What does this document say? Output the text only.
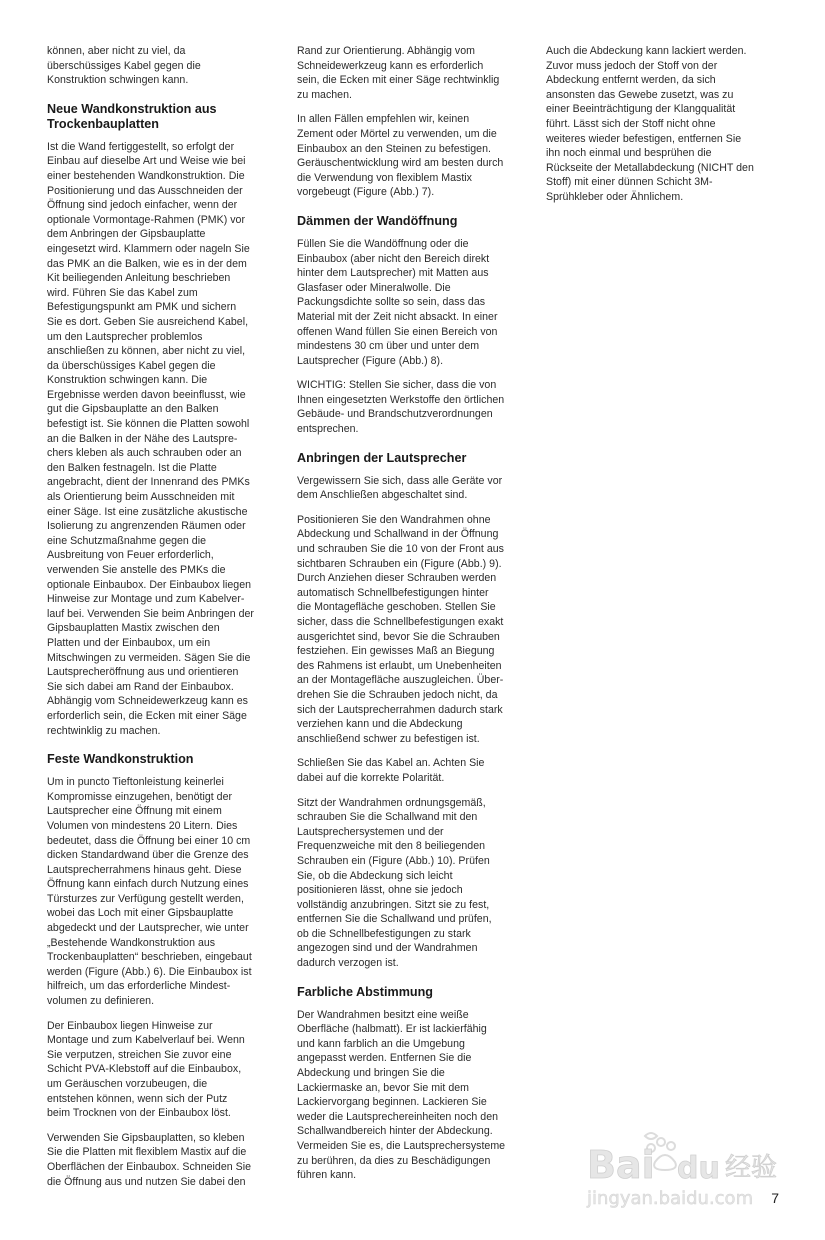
können, aber nicht zu viel, da
überschüssiges Kabel gegen die
Konstruktion schwingen kann.

Neue Wandkonstruktion aus
Trockenbauplatten

Ist die Wand fertiggestellt, so erfolgt der
Einbau auf dieselbe Art und Weise wie bei
einer bestehenden Wandkonstruktion. Die
Positionierung und das Ausschneiden der
Öffnung sind jedoch einfacher, wenn der
optionale Vormontage-Rahmen (PMK) vor
dem Anbringen der Gipsbauplatte
eingesetzt wird. Klammern oder nageln Sie
das PMK an die Balken, wie es in der dem
Kit beiliegenden Anleitung beschrieben
wird. Führen Sie das Kabel zum
Befestigungspunkt am PMK und sichern
Sie es dort. Geben Sie ausreichend Kabel,
um den Lautsprecher problemlos
anschließen zu können, aber nicht zu viel,
da überschüssiges Kabel gegen die
Konstruktion schwingen kann. Die
Ergebnisse werden davon beeinflusst, wie
gut die Gipsbauplatte an den Balken
befestigt ist. Sie können die Platten sowohl
an die Balken in der Nähe des Lautspre-
chers kleben als auch schrauben oder an
den Balken festnageln. Ist die Platte
angebracht, dient der Innenrand des PMKs
als Orientierung beim Ausschneiden mit
einer Säge. Ist eine zusätzliche akustische
Isolierung zu angrenzenden Räumen oder
eine Schutzmaßnahme gegen die
Ausbreitung von Feuer erforderlich,
verwenden Sie anstelle des PMKs die
optionale Einbaubox. Der Einbaubox liegen
Hinweise zur Montage und zum Kabelver-
lauf bei. Verwenden Sie beim Anbringen der
Gipsbauplatten Mastix zwischen den
Platten und der Einbaubox, um ein
Mitschwingen zu vermeiden. Sägen Sie die
Lautsprecheröffnung aus und orientieren
Sie sich dabei am Rand der Einbaubox.
Abhängig vom Schneidewerkzeug kann es
erforderlich sein, die Ecken mit einer Säge
rechtwinklig zu machen.

Feste Wandkonstruktion

Um in puncto Tieftonleistung keinerlei
Kompromisse einzugehen, benötigt der
Lautsprecher eine Öffnung mit einem
Volumen von mindestens 20 Litern. Dies
bedeutet, dass die Öffnung bei einer 10 cm
dicken Standardwand über die Grenze des
Lautsprecherrahmens hinaus geht. Diese
Öffnung kann einfach durch Nutzung eines
Türsturzes zur Verfügung gestellt werden,
wobei das Loch mit einer Gipsbauplatte
abgedeckt und der Lautsprecher, wie unter
„Bestehende Wandkonstruktion aus
Trockenbauplatten“ beschrieben, eingebaut
werden (Figure (Abb.) 6). Die Einbaubox ist
hilfreich, um das erforderliche Mindest-
volumen zu definieren.

Der Einbaubox liegen Hinweise zur
Montage und zum Kabelverlauf bei. Wenn
Sie verputzen, streichen Sie zuvor eine
Schicht PVA-Klebstoff auf die Einbaubox,
um Geräuschen vorzubeugen, die
entstehen können, wenn sich der Putz
beim Trocknen von der Einbaubox löst.

Verwenden Sie Gipsbauplatten, so kleben
Sie die Platten mit flexiblem Mastix auf die
Oberflächen der Einbaubox. Schneiden Sie
die Öffnung aus und nutzen Sie dabei den

Rand zur Orientierung. Abhängig vom
Schneidewerkzeug kann es erforderlich
sein, die Ecken mit einer Säge rechtwinklig
zu machen.

In allen Fällen empfehlen wir, keinen
Zement oder Mörtel zu verwenden, um die
Einbaubox an den Steinen zu befestigen.
Geräuschentwicklung wird am besten durch
die Verwendung von flexiblem Mastix
vorgebeugt (Figure (Abb.) 7).

Dämmen der Wandöffnung

Füllen Sie die Wandöffnung oder die
Einbaubox (aber nicht den Bereich direkt
hinter dem Lautsprecher) mit Matten aus
Glasfaser oder Mineralwolle. Die
Packungsdichte sollte so sein, dass das
Material mit der Zeit nicht absackt. In einer
offenen Wand füllen Sie einen Bereich von
mindestens 30 cm über und unter dem
Lautsprecher (Figure (Abb.) 8).

WICHTIG: Stellen Sie sicher, dass die von
Ihnen eingesetzten Werkstoffe den örtlichen
Gebäude- und Brandschutzverordnungen
entsprechen.

Anbringen der Lautsprecher

Vergewissern Sie sich, dass alle Geräte vor
dem Anschließen abgeschaltet sind.

Positionieren Sie den Wandrahmen ohne
Abdeckung und Schallwand in der Öffnung
und schrauben Sie die 10 von der Front aus
sichtbaren Schrauben ein (Figure (Abb.) 9).
Durch Anziehen dieser Schrauben werden
automatisch Schnellbefestigungen hinter
die Montagefläche geschoben. Stellen Sie
sicher, dass die Schnellbefestigungen exakt
ausgerichtet sind, bevor Sie die Schrauben
festziehen. Ein gewisses Maß an Biegung
des Rahmens ist erlaubt, um Unebenheiten
an der Montagefläche auszugleichen. Über-
drehen Sie die Schrauben jedoch nicht, da
sich der Lautsprecherrahmen dadurch stark
verziehen kann und die Abdeckung
anschließend schwer zu befestigen ist.

Schließen Sie das Kabel an. Achten Sie
dabei auf die korrekte Polarität.

Sitzt der Wandrahmen ordnungsgemäß,
schrauben Sie die Schallwand mit den
Lautsprechersystemen und der
Frequenzweiche mit den 8 beiliegenden
Schrauben ein (Figure (Abb.) 10). Prüfen
Sie, ob die Abdeckung sich leicht
positionieren lässt, ohne sie jedoch
vollständig anzubringen. Sitzt sie zu fest,
entfernen Sie die Schallwand und prüfen,
ob die Schnellbefestigungen zu stark
angezogen sind und der Wandrahmen
dadurch verzogen ist.

Farbliche Abstimmung

Der Wandrahmen besitzt eine weiße
Oberfläche (halbmatt). Er ist lackierfähig
und kann farblich an die Umgebung
angepasst werden. Entfernen Sie die
Abdeckung und bringen Sie die
Lackiermaske an, bevor Sie mit dem
Lackiervorgang beginnen. Lackieren Sie
weder die Lautsprechereinheiten noch den
Schallwandbereich hinter der Abdeckung.
Vermeiden Sie es, die Lautsprechersysteme
zu berühren, da dies zu Beschädigungen
führen kann.

Auch die Abdeckung kann lackiert werden.
Zuvor muss jedoch der Stoff von der
Abdeckung entfernt werden, da sich
ansonsten das Gewebe zusetzt, was zu
einer Beeinträchtigung der Klangqualität
führt. Lässt sich der Stoff nicht ohne
weiteres wieder befestigen, entfernen Sie
ihn noch einmal und besprühen die
Rückseite der Metallabdeckung (NICHT den
Stoff) mit einer dünnen Schicht 3M-
Sprühkleber oder Ähnlichem.

Bai du 经验
jingyan.baidu.com 7
